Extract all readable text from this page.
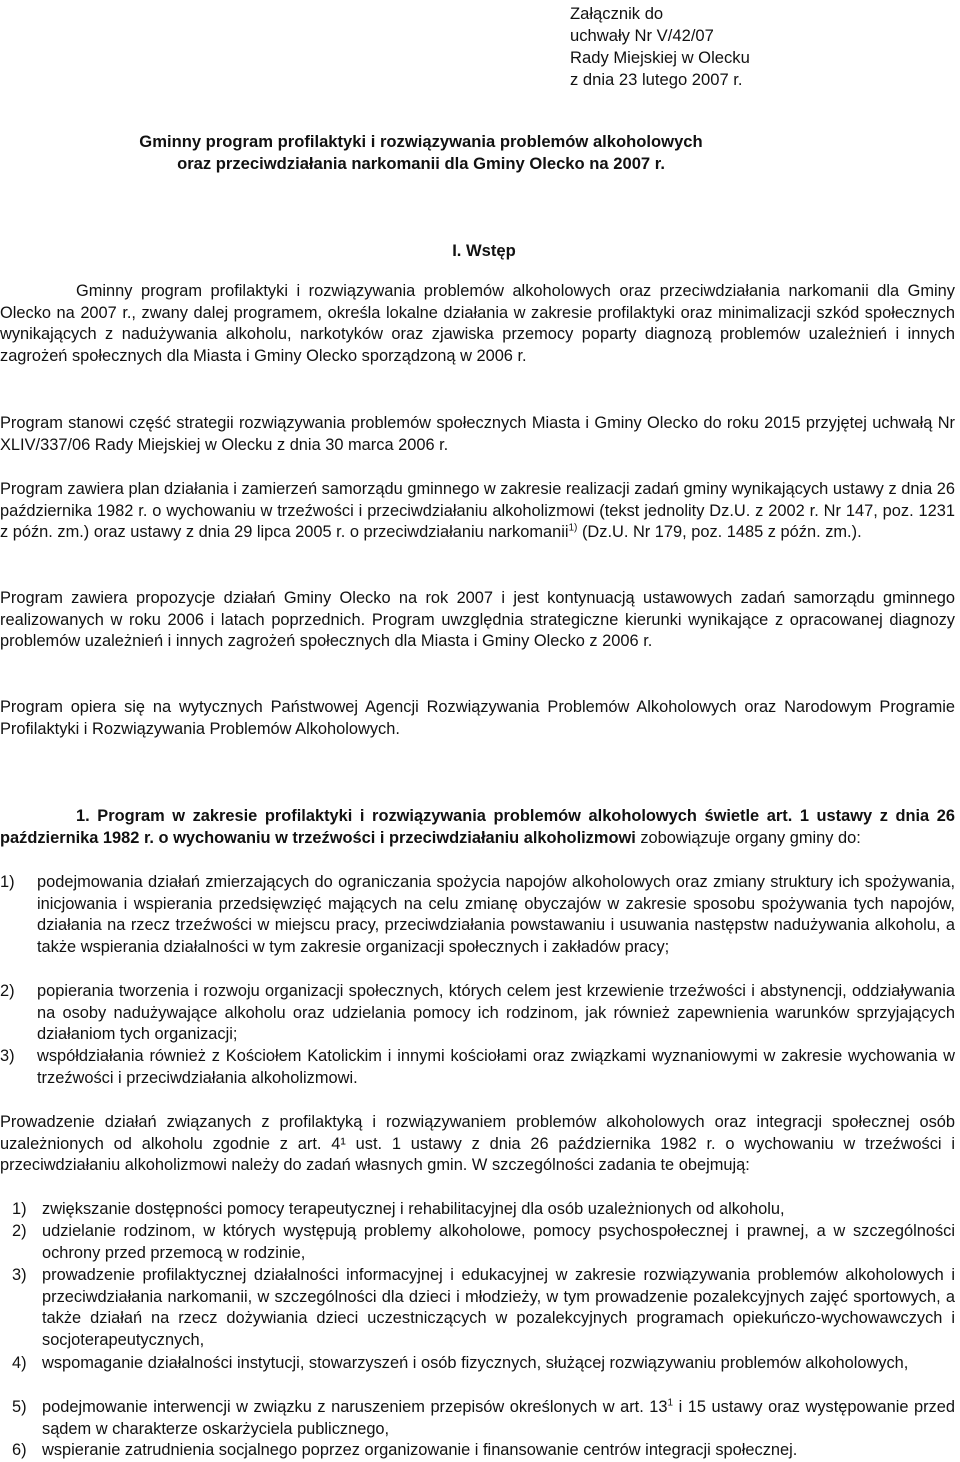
Załącznik do
uchwały Nr V/42/07
Rady Miejskiej w Olecku
z dnia 23 lutego 2007 r.
Gminny program profilaktyki i rozwiązywania problemów alkoholowych
oraz przeciwdziałania narkomanii dla Gminy Olecko na 2007 r.
I. Wstęp
Gminny program profilaktyki i rozwiązywania problemów alkoholowych oraz przeciwdziałania narkomanii dla Gminy Olecko na 2007 r., zwany dalej programem, określa lokalne działania w zakresie profilaktyki oraz minimalizacji szkód społecznych wynikających z nadużywania alkoholu, narkotyków oraz zjawiska przemocy poparty diagnozą problemów uzależnień i innych zagrożeń społecznych dla Miasta i Gminy Olecko sporządzoną w 2006 r.
Program stanowi część strategii rozwiązywania problemów społecznych Miasta i Gminy Olecko do roku 2015 przyjętej uchwałą Nr XLIV/337/06 Rady Miejskiej w Olecku z dnia 30 marca 2006 r.
Program zawiera plan działania i zamierzeń samorządu gminnego w zakresie realizacji zadań gminy wynikających ustawy z dnia 26 października 1982 r. o wychowaniu w trzeźwości i przeciwdziałaniu alkoholizmowi (tekst jednolity Dz.U. z 2002 r. Nr 147, poz. 1231 z późn. zm.) oraz ustawy z dnia 29 lipca 2005 r. o przeciwdziałaniu narkomanii$^{1)}$ (Dz.U. Nr 179, poz. 1485 z późn. zm.).
Program zawiera propozycje działań Gminy Olecko na rok 2007 i jest kontynuacją ustawowych zadań samorządu gminnego realizowanych w roku 2006 i latach poprzednich. Program uwzględnia strategiczne kierunki wynikające z opracowanej diagnozy problemów uzależnień i innych zagrożeń społecznych dla Miasta i Gminy Olecko z 2006 r.
Program opiera się na wytycznych Państwowej Agencji Rozwiązywania Problemów Alkoholowych oraz Narodowym Programie Profilaktyki i Rozwiązywania Problemów Alkoholowych.
1. Program w zakresie profilaktyki i rozwiązywania problemów alkoholowych świetle art. 1 ustawy z dnia 26 października 1982 r. o wychowaniu w trzeźwości i przeciwdziałaniu alkoholizmowi zobowiązuje organy gminy do:
1)	podejmowania działań zmierzających do ograniczania spożycia napojów alkoholowych oraz zmiany struktury ich spożywania, inicjowania i wspierania przedsięwzięć mających na celu zmianę obyczajów w zakresie sposobu spożywania tych napojów, działania na rzecz trzeźwości w miejscu pracy, przeciwdziałania powstawaniu i usuwania następstw nadużywania alkoholu, a także wspierania działalności w tym zakresie organizacji społecznych i zakładów pracy;
2)	popierania tworzenia i rozwoju organizacji społecznych, których celem jest krzewienie trzeźwości i abstynencji, oddziaływania na osoby nadużywające alkoholu oraz udzielania pomocy ich rodzinom, jak również zapewnienia warunków sprzyjających działaniom tych organizacji;
3)	współdziałania również z Kościołem Katolickim i innymi kościołami oraz związkami wyznaniowymi w zakresie wychowania w trzeźwości i przeciwdziałania alkoholizmowi.
Prowadzenie działań związanych z profilaktyką i rozwiązywaniem problemów alkoholowych oraz integracji społecznej osób uzależnionych od alkoholu zgodnie z art. 4¹ ust. 1 ustawy z dnia 26 października 1982 r. o wychowaniu w trzeźwości i przeciwdziałaniu alkoholizmowi należy do zadań własnych gmin. W szczególności zadania te obejmują:
1) zwiększanie dostępności pomocy terapeutycznej i rehabilitacyjnej dla osób uzależnionych od alkoholu,
2) udzielanie rodzinom, w których występują problemy alkoholowe, pomocy psychospołecznej i prawnej, a w szczególności ochrony przed przemocą w rodzinie,
3) prowadzenie profilaktycznej działalności informacyjnej i edukacyjnej w zakresie rozwiązywania problemów alkoholowych i przeciwdziałania narkomanii, w szczególności dla dzieci i młodzieży, w tym prowadzenie pozalekcyjnych zajęć sportowych, a także działań na rzecz dożywiania dzieci uczestniczących w pozalekcyjnych programach opiekuńczo-wychowawczych i socjoterapeutycznych,
4) wspomaganie działalności instytucji, stowarzyszeń i osób fizycznych, służącej rozwiązywaniu problemów alkoholowych,
5) podejmowanie interwencji w związku z naruszeniem przepisów określonych w art. $13^1$ i 15 ustawy oraz występowanie przed sądem w charakterze oskarżyciela publicznego,
6) wspieranie zatrudnienia socjalnego poprzez organizowanie i finansowanie centrów integracji społecznej.
